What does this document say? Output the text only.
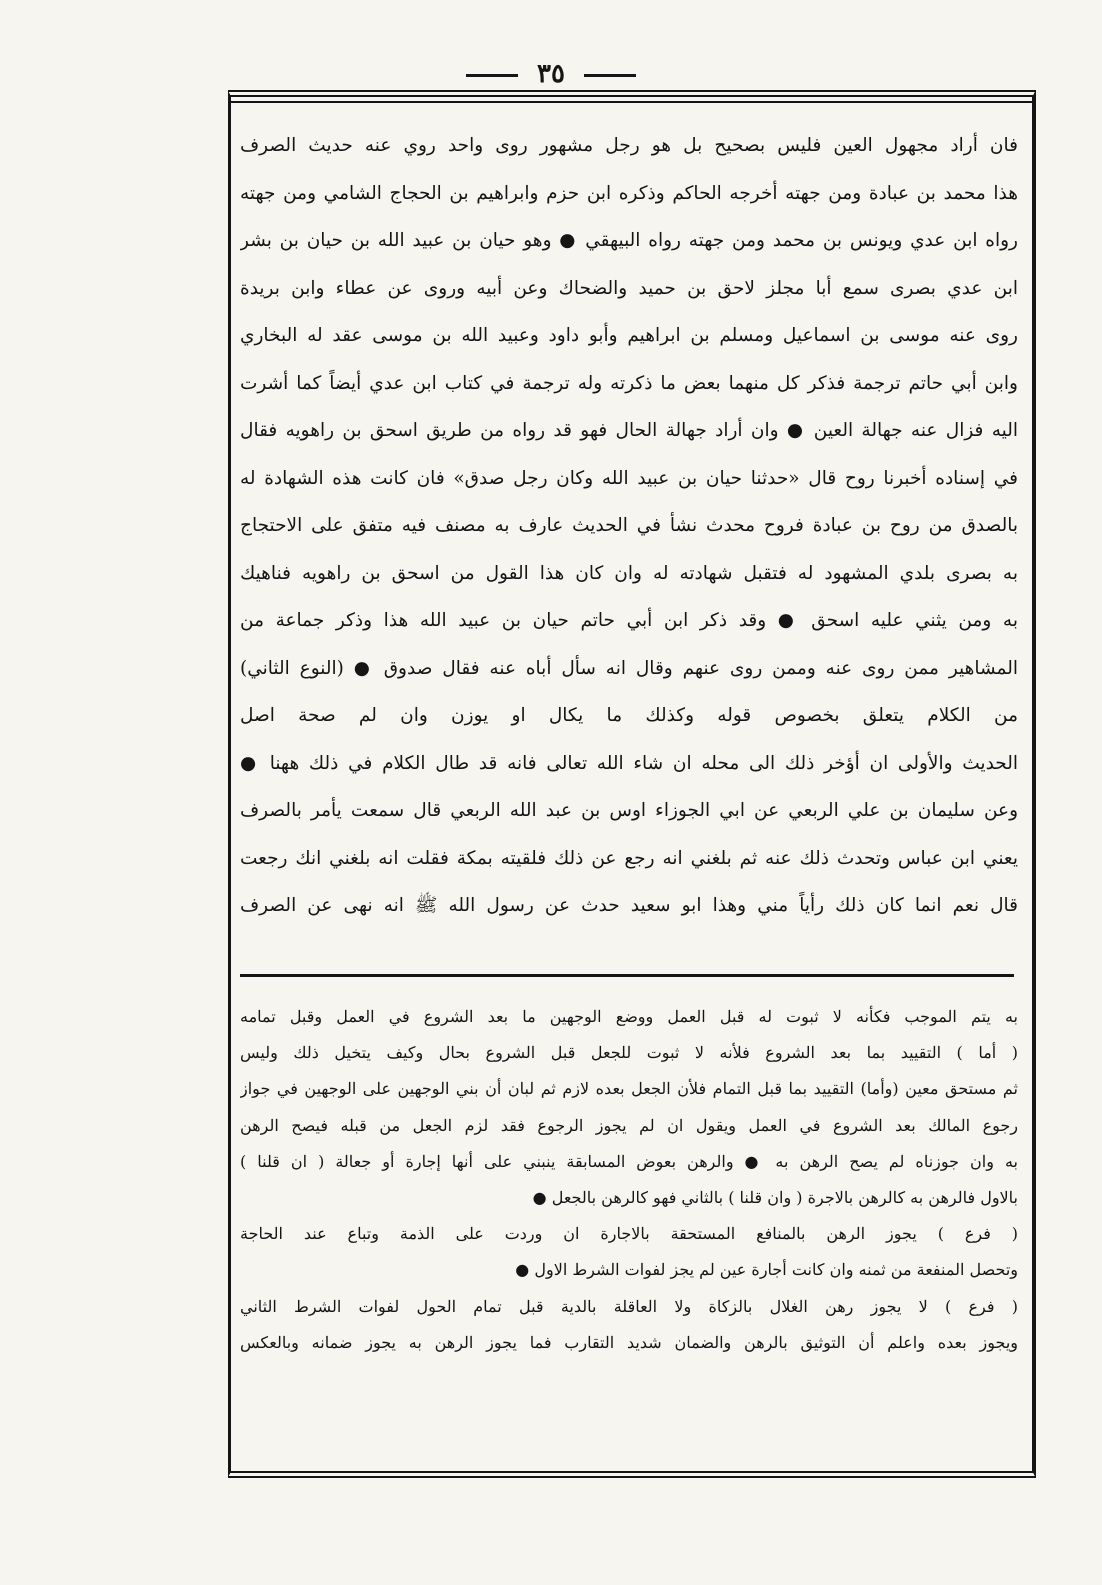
٣٥
فان أراد مجهول العين فليس بصحيح بل هو رجل مشهور روى واحد روي عنه حديث الصرف
هذا محمد بن عبادة ومن جهته أخرجه الحاكم وذكره ابن حزم وابراهيم بن الحجاج الشامي ومن جهته
رواه ابن عدي ويونس بن محمد ومن جهته رواه البيهقي ● وهو حيان بن عبيد الله بن حيان بن بشر
ابن عدي بصرى سمع أبا مجلز لاحق بن حميد والضحاك وعن أبيه وروى عن عطاء وابن بريدة
روى عنه موسى بن اسماعيل ومسلم بن ابراهيم وأبو داود وعبيد الله بن موسى عقد له البخاري
وابن أبي حاتم ترجمة فذكر كل منهما بعض ما ذكرته وله ترجمة في كتاب ابن عدي أيضاً كما أشرت
اليه فزال عنه جهالة العين ● وان أراد جهالة الحال فهو قد رواه من طريق اسحق بن راهويه فقال
في إسناده أخبرنا روح قال «حدثنا حيان بن عبيد الله وكان رجل صدق» فان كانت هذه الشهادة له
بالصدق من روح بن عبادة فروح محدث نشأ في الحديث عارف به مصنف فيه متفق على الاحتجاج
به بصرى بلدي المشهود له فتقبل شهادته له وان كان هذا القول من اسحق بن راهويه فناهيك
به ومن يثني عليه اسحق ● وقد ذكر ابن أبي حاتم حيان بن عبيد الله هذا وذكر جماعة من
المشاهير ممن روى عنه وممن روى عنهم وقال انه سأل أباه عنه فقال صدوق ● (النوع الثاني)
من الكلام يتعلق بخصوص قوله وكذلك ما يكال او يوزن وان لم صحة اصل
الحديث والأولى ان أؤخر ذلك الى محله ان شاء الله تعالى فانه قد طال الكلام في ذلك ههنا ●
وعن سليمان بن علي الربعي عن ابي الجوزاء اوس بن عبد الله الربعي قال سمعت يأمر بالصرف
يعني ابن عباس وتحدث ذلك عنه ثم بلغني انه رجع عن ذلك فلقيته بمكة فقلت انه بلغني انك رجعت
قال نعم انما كان ذلك رأياً مني وهذا ابو سعيد حدث عن رسول الله ﷺ انه نهى عن الصرف
به يتم الموجب فكأنه لا ثبوت له قبل العمل ووضع الوجهين ما بعد الشروع في العمل وقبل تمامه
( أما ) التقييد بما بعد الشروع فلأنه لا ثبوت للجعل قبل الشروع بحال وكيف يتخيل ذلك وليس
ثم مستحق معين (وأما) التقييد بما قبل التمام فلأن الجعل بعده لازم ثم لبان أن بني الوجهين على الوجهين في جواز
رجوع المالك بعد الشروع في العمل ويقول ان لم يجوز الرجوع فقد لزم الجعل من قبله فيصح الرهن
به وان جوزناه لم يصح الرهن به ● والرهن بعوض المسابقة ينبني على أنها إجارة أو جعالة ( ان قلنا )
بالاول فالرهن به كالرهن بالاجرة ( وان قلنا ) بالثاني فهو كالرهن بالجعل ●
( فرع ) يجوز الرهن بالمنافع المستحقة بالاجارة ان وردت على الذمة وتباع عند الحاجة
وتحصل المنفعة من ثمنه وان كانت أجارة عين لم يجز لفوات الشرط الاول ●
( فرع ) لا يجوز رهن الغلال بالزكاة ولا العاقلة بالدية قبل تمام الحول لفوات الشرط الثاني
ويجوز بعده واعلم أن التوثيق بالرهن والضمان شديد التقارب فما يجوز الرهن به يجوز ضمانه وبالعكس
